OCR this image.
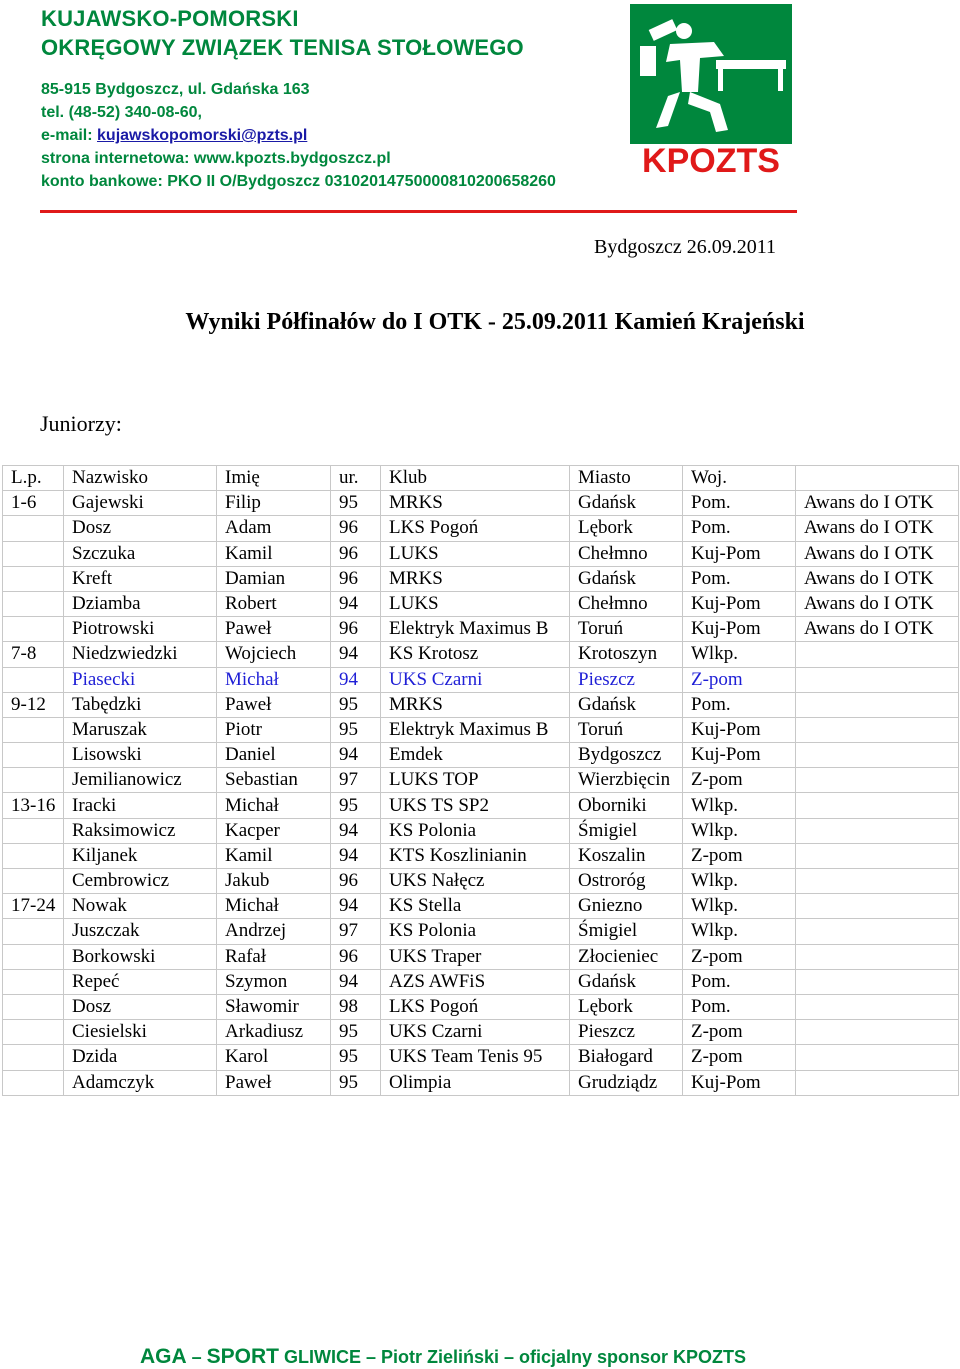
KUJAWSKO-POMORSKI
OKRĘGOWY ZWIĄZEK TENISA STOŁOWEGO
85-915 Bydgoszcz, ul. Gdańska 163
tel. (48-52) 340-08-60,
e-mail: kujawskopomorski@pzts.pl
strona internetowa: www.kpozts.bydgoszcz.pl
konto bankowe: PKO II O/Bydgoszcz 03102014750000810200658260
KPOZTS
Bydgoszcz 26.09.2011
Wyniki Półfinałów do I OTK - 25.09.2011 Kamień Krajeński
Juniorzy:
L.p.	Nazwisko	Imię	ur.	Klub	Miasto	Woj.	
1-6	Gajewski	Filip	95	MRKS	Gdańsk	Pom.	Awans do I OTK
	Dosz	Adam	96	LKS Pogoń	Lębork	Pom.	Awans do I OTK
	Szczuka	Kamil	96	LUKS	Chełmno	Kuj-Pom	Awans do I OTK
	Kreft	Damian	96	MRKS	Gdańsk	Pom.	Awans do I OTK
	Dziamba	Robert	94	LUKS	Chełmno	Kuj-Pom	Awans do I OTK
	Piotrowski	Paweł	96	Elektryk Maximus B	Toruń	Kuj-Pom	Awans do I OTK
7-8	Niedzwiedzki	Wojciech	94	KS Krotosz	Krotoszyn	Wlkp.	
	Piasecki	Michał	94	UKS Czarni	Pieszcz	Z-pom	
9-12	Tabędzki	Paweł	95	MRKS	Gdańsk	Pom.	
	Maruszak	Piotr	95	Elektryk Maximus B	Toruń	Kuj-Pom	
	Lisowski	Daniel	94	Emdek	Bydgoszcz	Kuj-Pom	
	Jemilianowicz	Sebastian	97	LUKS TOP	Wierzbięcin	Z-pom	
13-16	Iracki	Michał	95	UKS TS SP2	Oborniki	Wlkp.	
	Raksimowicz	Kacper	94	KS Polonia	Śmigiel	Wlkp.	
	Kiljanek	Kamil	94	KTS Koszlinianin	Koszalin	Z-pom	
	Cembrowicz	Jakub	96	UKS Nałęcz	Ostroróg	Wlkp.	
17-24	Nowak	Michał	94	KS Stella	Gniezno	Wlkp.	
	Juszczak	Andrzej	97	KS Polonia	Śmigiel	Wlkp.	
	Borkowski	Rafał	96	UKS Traper	Złocieniec	Z-pom	
	Repeć	Szymon	94	AZS AWFiS	Gdańsk	Pom.	
	Dosz	Sławomir	98	LKS Pogoń	Lębork	Pom.	
	Ciesielski	Arkadiusz	95	UKS Czarni	Pieszcz	Z-pom	
	Dzida	Karol	95	UKS Team Tenis 95	Białogard	Z-pom	
	Adamczyk	Paweł	95	Olimpia	Grudziądz	Kuj-Pom	
AGA – SPORT GLIWICE – Piotr Zieliński – oficjalny sponsor KPOZTS
